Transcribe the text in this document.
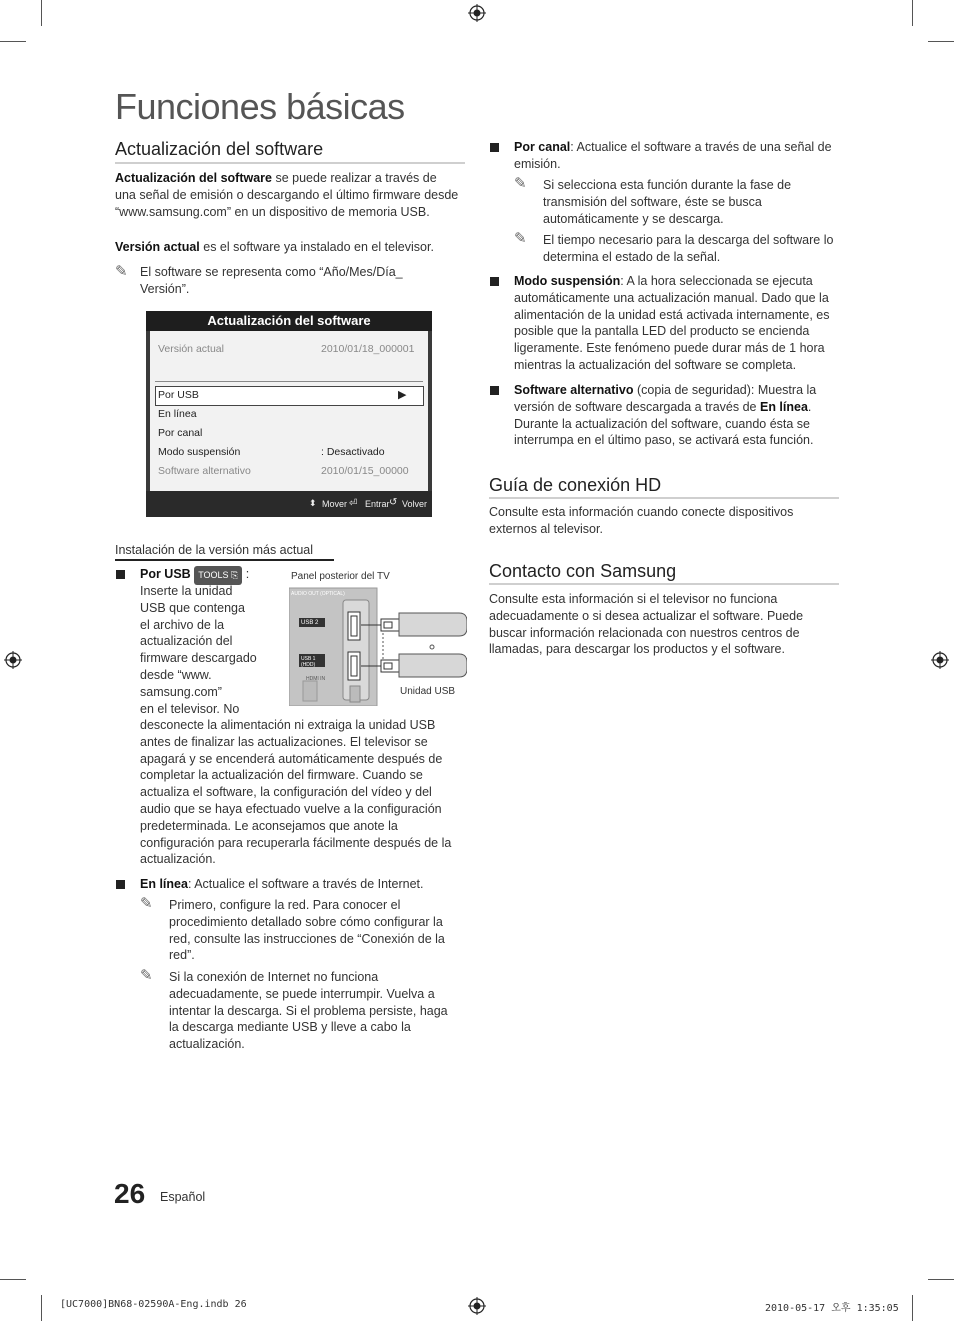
Funciones básicas
Actualización del software
Actualización del software se puede realizar a través de una señal de emisión o descargando el último firmware desde “www.samsung.com” en un dispositivo de memoria USB.
Versión actual es el software ya instalado en el televisor.
✎ El software se representa como “Año/Mes/Día_ Versión”.
Actualización del software
Versión actual	2010/01/18_000001
Por USB	▶
En línea
Por canal
Modo suspensión	: Desactivado
Software alternativo	2010/01/15_00000
⬍ Mover ⏎ Entrar ↺ Volver
Instalación de la versión más actual
Por USB TOOLS ⎘ :
Inserte la unidad
USB que contenga
el archivo de la
actualización del
firmware descargado
desde “www.
samsung.com”
en el televisor. No
desconecte la alimentación ni extraiga la unidad USB antes de finalizar las actualizaciones. El televisor se apagará y se encenderá automáticamente después de completar la actualización del firmware. Cuando se actualiza el software, la configuración del vídeo y del audio que se haya efectuado vuelve a la configuración predeterminada. Le aconsejamos que anote la configuración para recuperarla fácilmente después de la actualización.
Panel posterior del TV
AUDIO OUT (OPTICAL)
USB 2
USB 1 (HDD)
HDMI IN
Unidad USB
En línea: Actualice el software a través de Internet.
✎ Primero, configure la red. Para conocer el procedimiento detallado sobre cómo configurar la red, consulte las instrucciones de “Conexión de la red”.
✎ Si la conexión de Internet no funciona adecuadamente, se puede interrumpir. Vuelva a intentar la descarga. Si el problema persiste, haga la descarga mediante USB y lleve a cabo la actualización.
Por canal: Actualice el software a través de una señal de emisión.
✎ Si selecciona esta función durante la fase de transmisión del software, éste se busca automáticamente y se descarga.
✎ El tiempo necesario para la descarga del software lo determina el estado de la señal.
Modo suspensión: A la hora seleccionada se ejecuta automáticamente una actualización manual. Dado que la alimentación de la unidad está activada internamente, es posible que la pantalla LED del producto se encienda ligeramente. Este fenómeno puede durar más de 1 hora mientras la actualización del software se completa.
Software alternativo (copia de seguridad): Muestra la versión de software descargada a través de En línea. Durante la actualización del software, cuando ésta se interrumpa en el último paso, se activará esta función.
Guía de conexión HD
Consulte esta información cuando conecte dispositivos externos al televisor.
Contacto con Samsung
Consulte esta información si el televisor no funciona adecuadamente o si desea actualizar el software. Puede buscar información relacionada con nuestros centros de llamadas, para descargar los productos y el software.
26 Español
[UC7000]BN68-02590A-Eng.indb 26	2010-05-17 오후 1:35:05
